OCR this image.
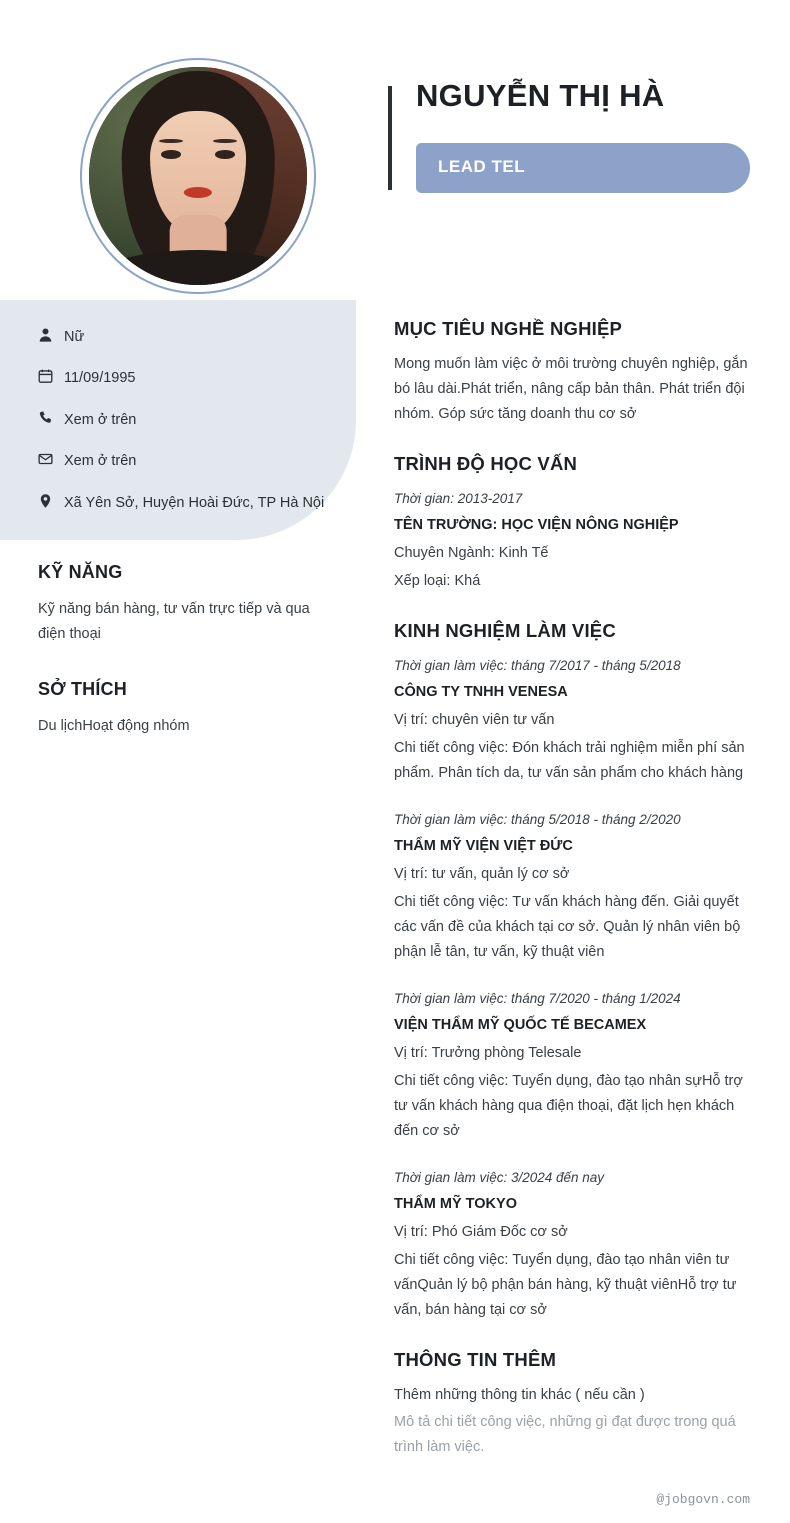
NGUYỄN THỊ HÀ
LEAD TEL
Nữ
11/09/1995
Xem ở trên
Xem ở trên
Xã Yên Sở, Huyện Hoài Đức, TP Hà Nội
KỸ NĂNG

Kỹ năng bán hàng, tư vấn trực tiếp và qua điện thoại

SỞ THÍCH

Du lịchHoạt động nhóm

MỤC TIÊU NGHỀ NGHIỆP

Mong muốn làm việc ở môi trường chuyên nghiệp, gắn bó lâu dài.Phát triển, nâng cấp bản thân. Phát triển đội nhóm. Góp sức tăng doanh thu cơ sở

TRÌNH ĐỘ HỌC VẤN

Thời gian: 2013-2017

TÊN TRƯỜNG: HỌC VIỆN NÔNG NGHIỆP

Chuyên Ngành: Kinh Tế

Xếp loại: Khá

KINH NGHIỆM LÀM VIỆC

Thời gian làm việc: tháng 7/2017 - tháng 5/2018

CÔNG TY TNHH VENESA

Vị trí: chuyên viên tư vấn

Chi tiết công việc: Đón khách trải nghiệm miễn phí sản phẩm. Phân tích da, tư vấn sản phẩm cho khách hàng

Thời gian làm việc: tháng 5/2018 - tháng 2/2020

THẨM MỸ VIỆN VIỆT ĐỨC

Vị trí: tư vấn, quản lý cơ sở

Chi tiết công việc: Tư vấn khách hàng đến. Giải quyết các vấn đề của khách tại cơ sở. Quản lý nhân viên bộ phận lễ tân, tư vấn, kỹ thuật viên

Thời gian làm việc: tháng 7/2020 - tháng 1/2024

VIỆN THẨM MỸ QUỐC TẾ BECAMEX

Vị trí: Trưởng phòng Telesale

Chi tiết công việc: Tuyển dụng, đào tạo nhân sựHỗ trợ tư vấn khách hàng qua điện thoại, đặt lịch hẹn khách đến cơ sở

Thời gian làm việc: 3/2024 đến nay

THẨM MỸ TOKYO

Vị trí: Phó Giám Đốc cơ sở

Chi tiết công việc: Tuyển dụng, đào tạo nhân viên tư vấnQuản lý bộ phận bán hàng, kỹ thuật viênHỗ trợ tư vấn, bán hàng tại cơ sở

THÔNG TIN THÊM

Thêm những thông tin khác ( nếu cần )

Mô tả chi tiết công việc, những gì đạt được trong quá trình làm việc.

@jobgovn.com
